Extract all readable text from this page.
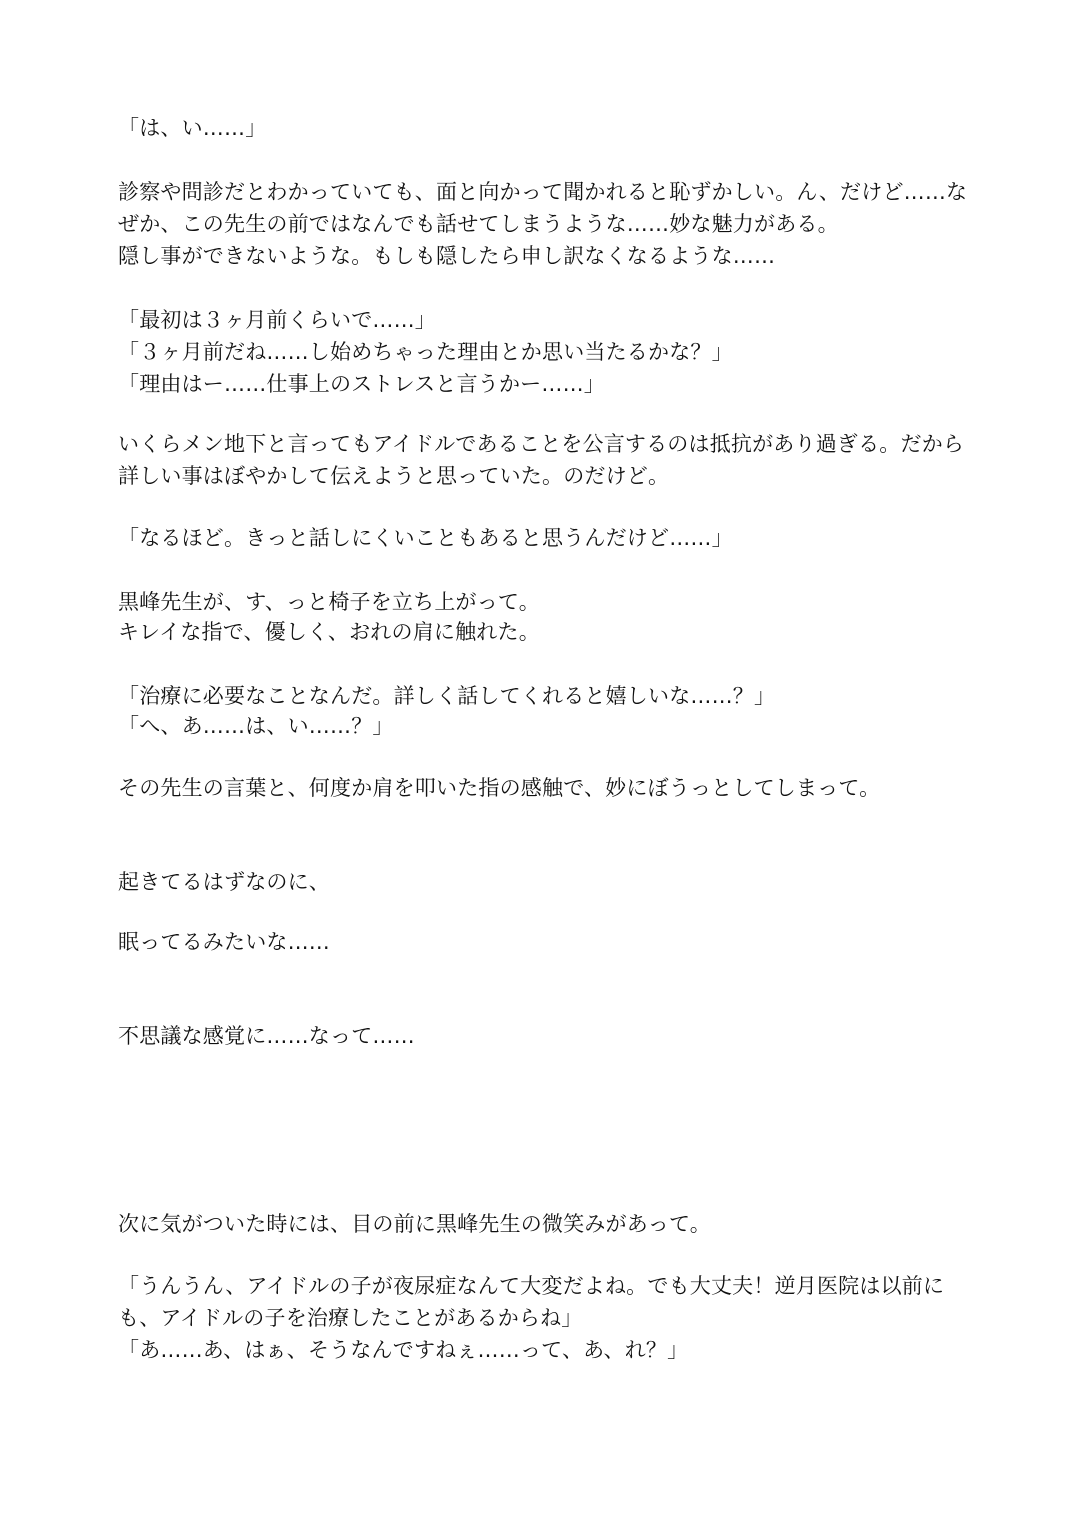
「は、い……」
診察や問診だとわかっていても、面と向かって聞かれると恥ずかしい。ん、だけど……な
ぜか、この先生の前ではなんでも話せてしまうような……妙な魅力がある。
隠し事ができないような。もしも隠したら申し訳なくなるような……
「最初は３ヶ月前くらいで……」
「３ヶ月前だね……し始めちゃった理由とか思い当たるかな？」
「理由はー……仕事上のストレスと言うかー……」
いくらメン地下と言ってもアイドルであることを公言するのは抵抗があり過ぎる。だから
詳しい事はぼやかして伝えようと思っていた。のだけど。
「なるほど。きっと話しにくいこともあると思うんだけど……」
黒峰先生が、す、っと椅子を立ち上がって。
キレイな指で、優しく、おれの肩に触れた。
「治療に必要なことなんだ。詳しく話してくれると嬉しいな……？」
「へ、あ……は、い……？」
その先生の言葉と、何度か肩を叩いた指の感触で、妙にぼうっとしてしまって。
起きてるはずなのに、
眠ってるみたいな……
不思議な感覚に……なって……
次に気がついた時には、目の前に黒峰先生の微笑みがあって。
「うんうん、アイドルの子が夜尿症なんて大変だよね。でも大丈夫！逆月医院は以前に
も、アイドルの子を治療したことがあるからね」
「あ……あ、はぁ、そうなんですねぇ……って、あ、れ？」
